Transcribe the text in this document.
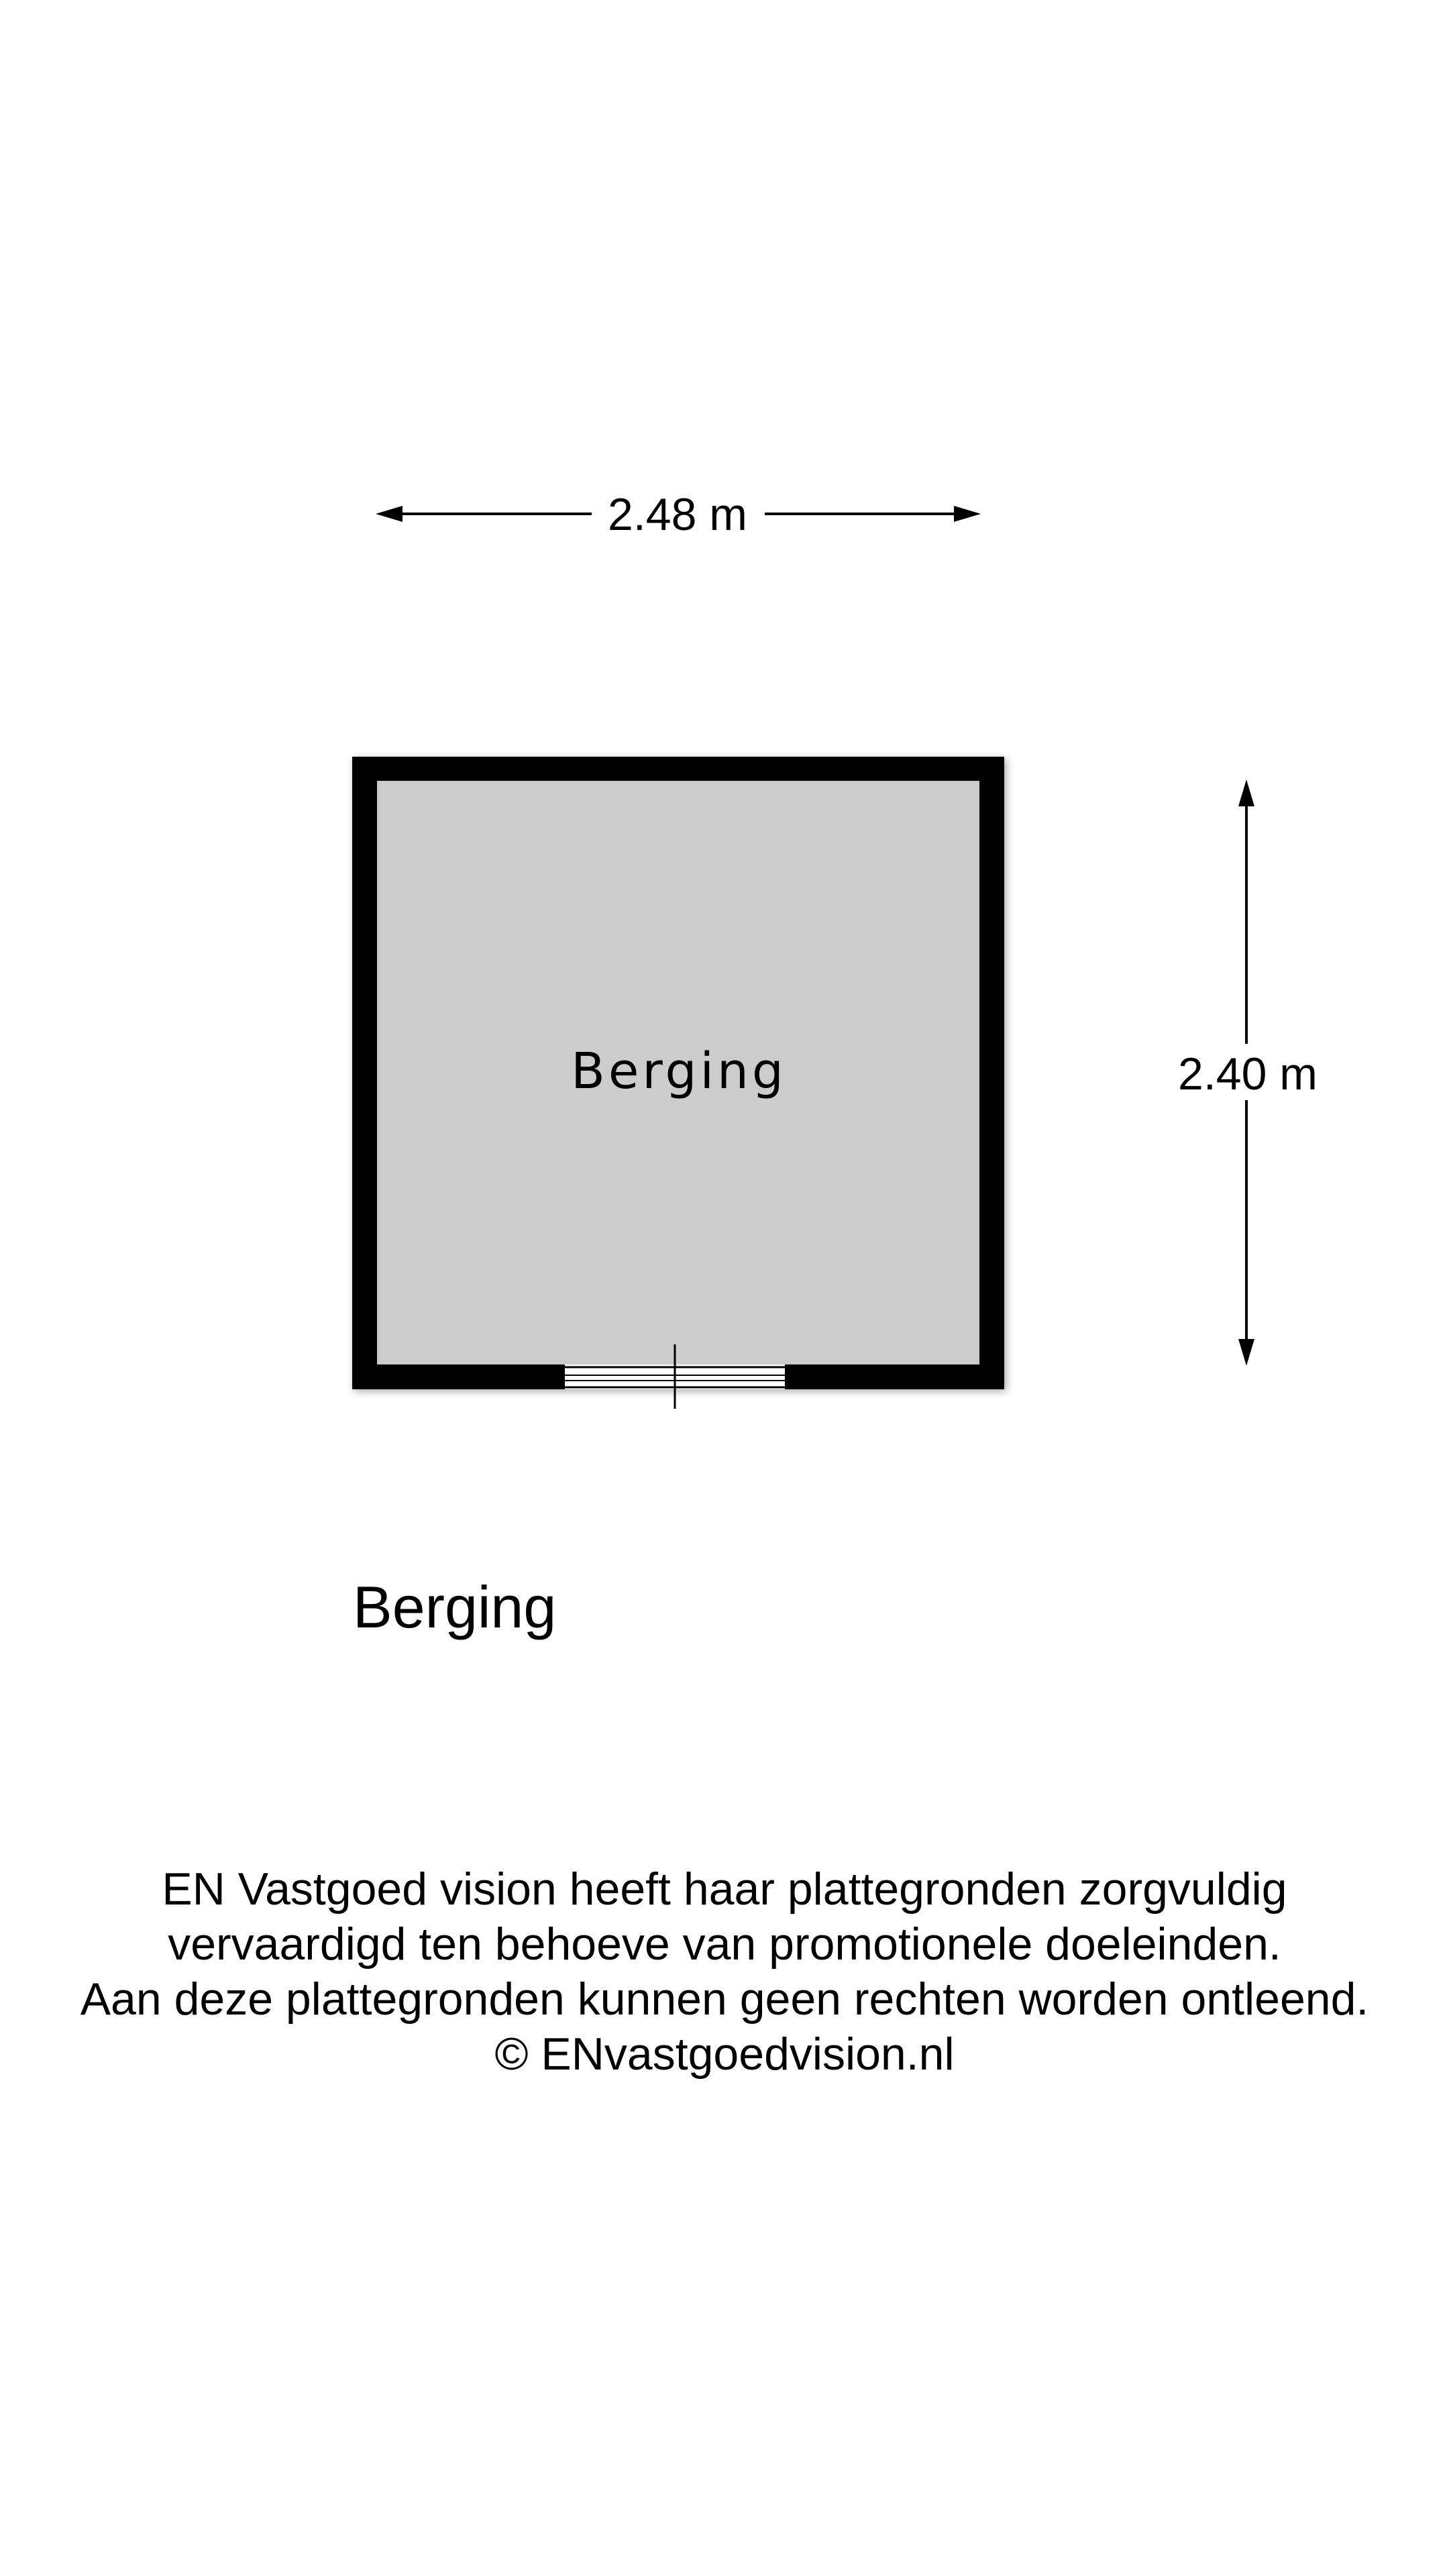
2.48 m
Berging	2.40 m
Berging
EN Vastgoed vision heeft haar plattegronden zorgvuldig
vervaardigd ten behoeve van promotionele doeleinden.
Aan deze plattegronden kunnen geen rechten worden ontleend.
© ENvastgoedvision.nl
